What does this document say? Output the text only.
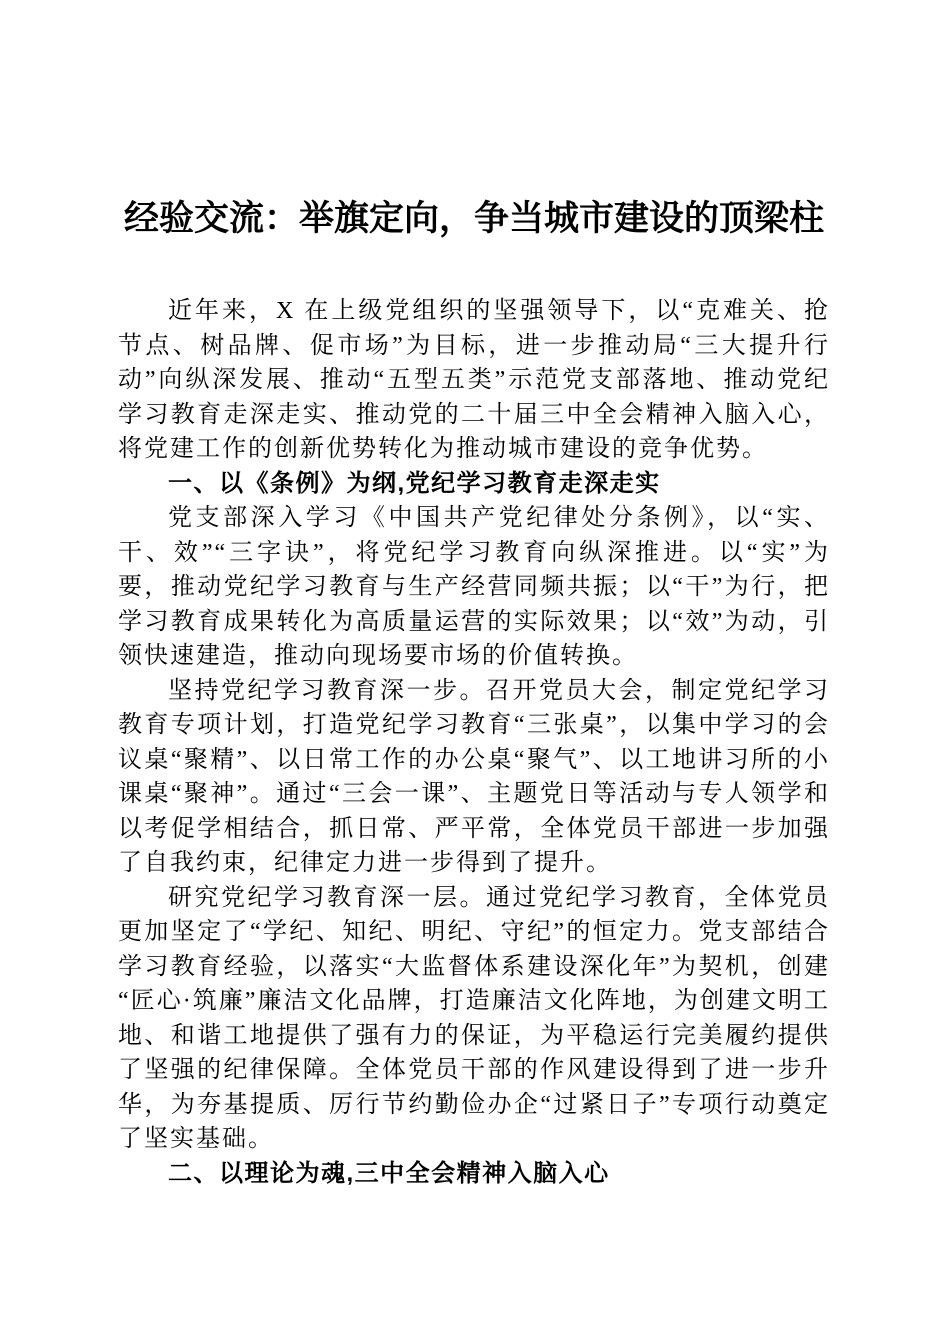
经验交流：举旗定向，争当城市建设的顶梁柱

近年来，X 在上级党组织的坚强领导下，以“克难关、抢节点、树品牌、促市场”为目标，进一步推动局“三大提升行动”向纵深发展、推动“五型五类”示范党支部落地、推动党纪学习教育走深走实、推动党的二十届三中全会精神入脑入心，将党建工作的创新优势转化为推动城市建设的竞争优势。

一、以《条例》为纲,党纪学习教育走深走实

党支部深入学习《中国共产党纪律处分条例》，以“实、干、效”“三字诀”，将党纪学习教育向纵深推进。以“实”为要，推动党纪学习教育与生产经营同频共振；以“干”为行，把学习教育成果转化为高质量运营的实际效果；以“效”为动，引领快速建造，推动向现场要市场的价值转换。

坚持党纪学习教育深一步。召开党员大会，制定党纪学习教育专项计划，打造党纪学习教育“三张桌”，以集中学习的会议桌“聚精”、以日常工作的办公桌“聚气”、以工地讲习所的小课桌“聚神”。通过“三会一课”、主题党日等活动与专人领学和以考促学相结合，抓日常、严平常，全体党员干部进一步加强了自我约束，纪律定力进一步得到了提升。

研究党纪学习教育深一层。通过党纪学习教育，全体党员更加坚定了“学纪、知纪、明纪、守纪”的恒定力。党支部结合学习教育经验，以落实“大监督体系建设深化年”为契机，创建“匠心·筑廉”廉洁文化品牌，打造廉洁文化阵地，为创建文明工地、和谐工地提供了强有力的保证，为平稳运行完美履约提供了坚强的纪律保障。全体党员干部的作风建设得到了进一步升华，为夯基提质、厉行节约勤俭办企“过紧日子”专项行动奠定了坚实基础。

二、以理论为魂,三中全会精神入脑入心
